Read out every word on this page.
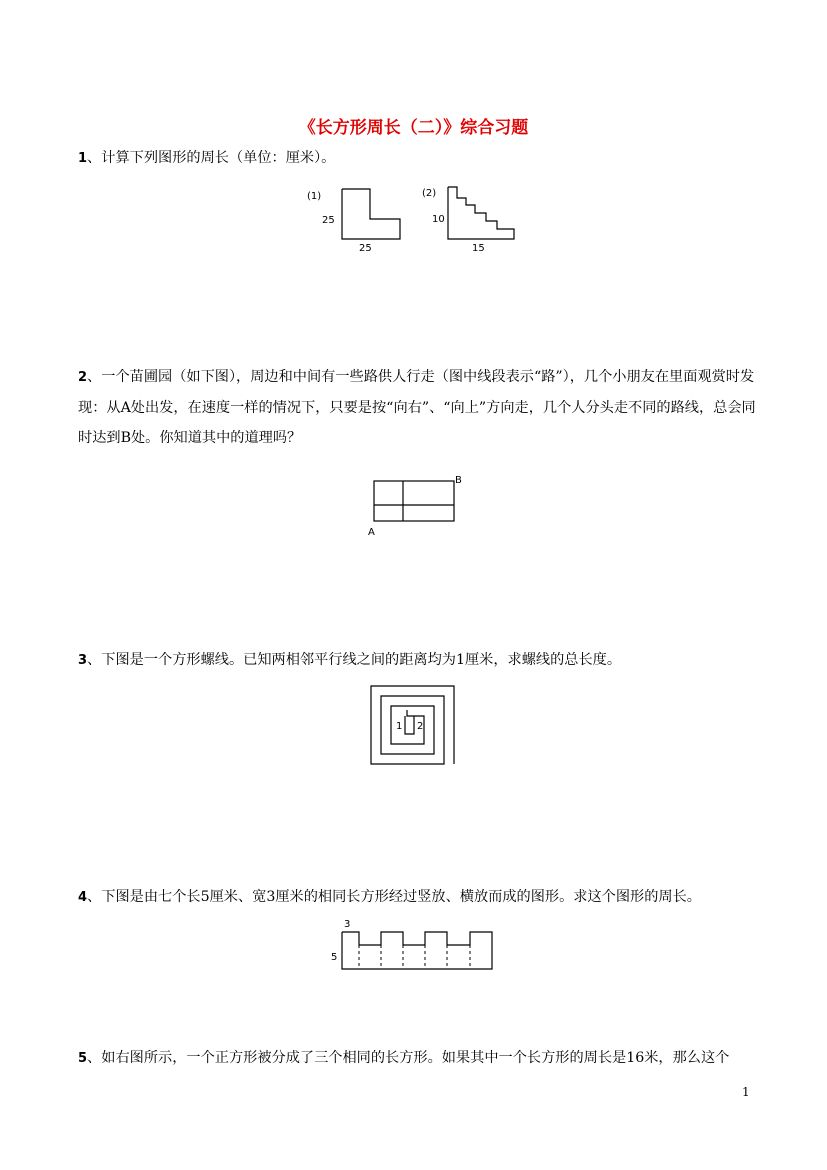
《长方形周长（二）》综合习题
1、计算下列图形的周长（单位：厘米）。
(1)
25
25
(2)
10
15
2、一个苗圃园（如下图），周边和中间有一些路供人行走（图中线段表示“路”），几个小朋友在里面观赏时发现：从A处出发，在速度一样的情况下，只要是按“向右”、“向上”方向走，几个人分头走不同的路线，总会同时达到B处。你知道其中的道理吗？
A
B
3、下图是一个方形螺线。已知两相邻平行线之间的距离均为1厘米，求螺线的总长度。
1 2
4、下图是由七个长5厘米、宽3厘米的相同长方形经过竖放、横放而成的图形。求这个图形的周长。
3
5
5、如右图所示，一个正方形被分成了三个相同的长方形。如果其中一个长方形的周长是16米，那么这个
1
